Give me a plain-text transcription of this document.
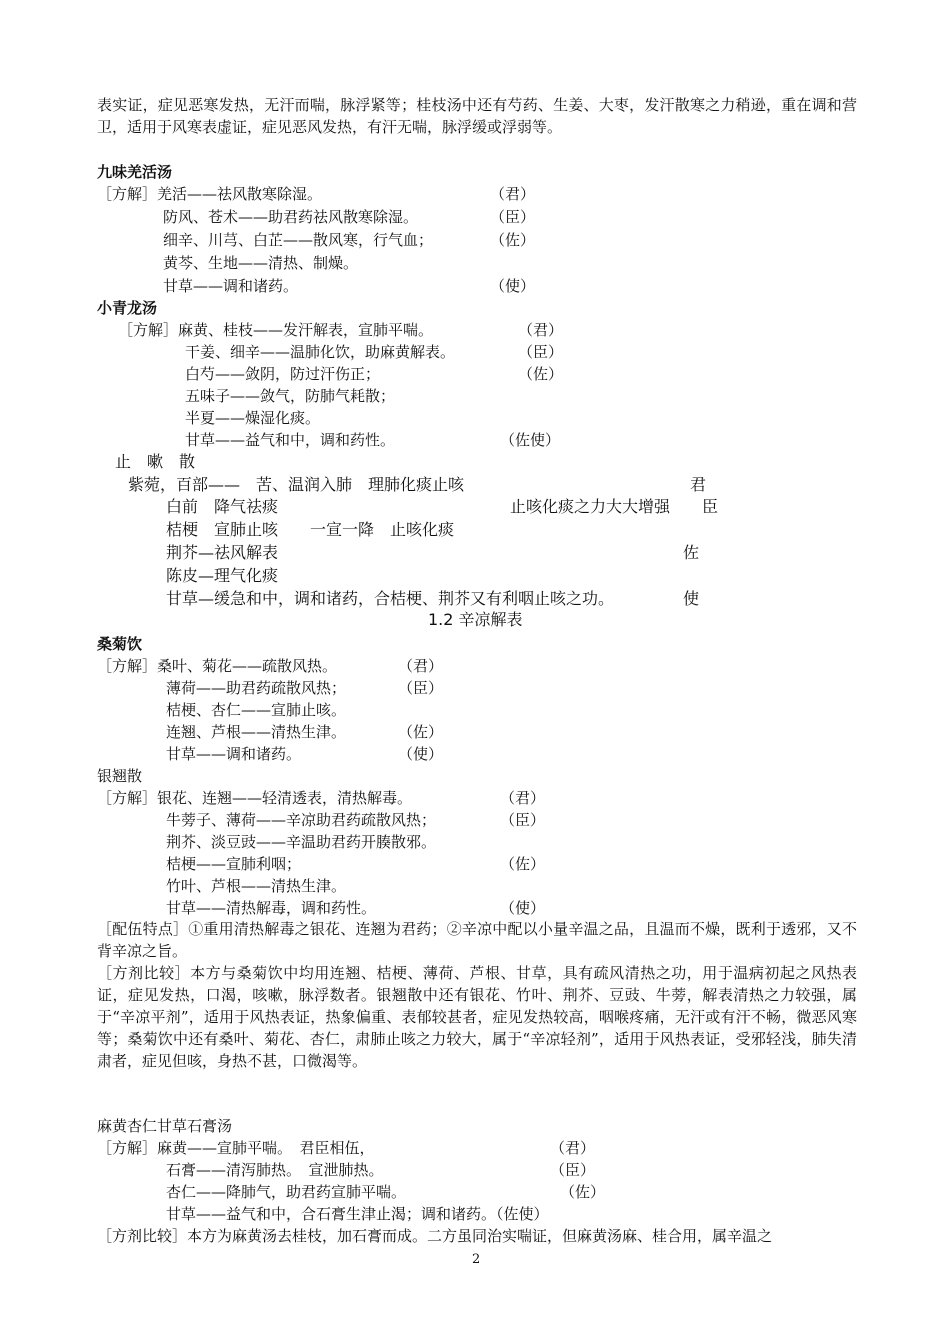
表实证，症见恶寒发热，无汗而喘，脉浮紧等；桂枝汤中还有芍药、生姜、大枣，发汗散寒之力稍逊，重在调和营卫，适用于风寒表虚证，症见恶风发热，有汗无喘，脉浮缓或浮弱等。
九味羌活汤
［方解］羌活——祛风散寒除湿。	（君）
防风、苍术——助君药祛风散寒除湿。	（臣）
细辛、川芎、白芷——散风寒，行气血；	（佐）
黄芩、生地——清热、制燥。
甘草——调和诸药。	（使）
小青龙汤
［方解］麻黄、桂枝——发汗解表，宣肺平喘。	（君）
干姜、细辛——温肺化饮，助麻黄解表。	（臣）
白芍——敛阴，防过汗伤正；	（佐）
五味子——敛气，防肺气耗散；
半夏——燥湿化痰。
甘草——益气和中，调和药性。	（佐使）
止　嗽　散
紫菀，百部——　苦、温润入肺　理肺化痰止咳	君
白前　降气祛痰	止咳化痰之力大大增强 臣
桔梗　宣肺止咳　　一宣一降　止咳化痰
荆芥—祛风解表	佐
陈皮—理气化痰
甘草—缓急和中，调和诸药，合桔梗、荆芥又有利咽止咳之功。	使
1.2 辛凉解表
桑菊饮
［方解］桑叶、菊花——疏散风热。	（君）
薄荷——助君药疏散风热；	（臣）
桔梗、杏仁——宣肺止咳。
连翘、芦根——清热生津。	（佐）
甘草——调和诸药。	（使）
银翘散
［方解］银花、连翘——轻清透表，清热解毒。	（君）
牛蒡子、薄荷——辛凉助君药疏散风热；	（臣）
荆芥、淡豆豉——辛温助君药开腠散邪。
桔梗——宣肺利咽；	（佐）
竹叶、芦根——清热生津。
甘草——清热解毒，调和药性。	（使）
［配伍特点］①重用清热解毒之银花、连翘为君药；②辛凉中配以小量辛温之品，且温而不燥，既利于透邪，又不背辛凉之旨。
［方剂比较］本方与桑菊饮中均用连翘、桔梗、薄荷、芦根、甘草，具有疏风清热之功，用于温病初起之风热表证，症见发热，口渴，咳嗽，脉浮数者。银翘散中还有银花、竹叶、荆芥、豆豉、牛蒡，解表清热之力较强，属于“辛凉平剂”，适用于风热表证，热象偏重、表郁较甚者，症见发热较高，咽喉疼痛，无汗或有汗不畅，微恶风寒等；桑菊饮中还有桑叶、菊花、杏仁，肃肺止咳之力较大，属于“辛凉轻剂”，适用于风热表证，受邪轻浅，肺失清肃者，症见但咳，身热不甚，口微渴等。
麻黄杏仁甘草石膏汤
［方解］麻黄——宣肺平喘。　君臣相伍，	（君）
石膏——清泻肺热。　宣泄肺热。	（臣）
杏仁——降肺气，助君药宣肺平喘。	（佐）
甘草——益气和中，合石膏生津止渴；调和诸药。（佐使）
［方剂比较］本方为麻黄汤去桂枝，加石膏而成。二方虽同治实喘证，但麻黄汤麻、桂合用，属辛温之
2
